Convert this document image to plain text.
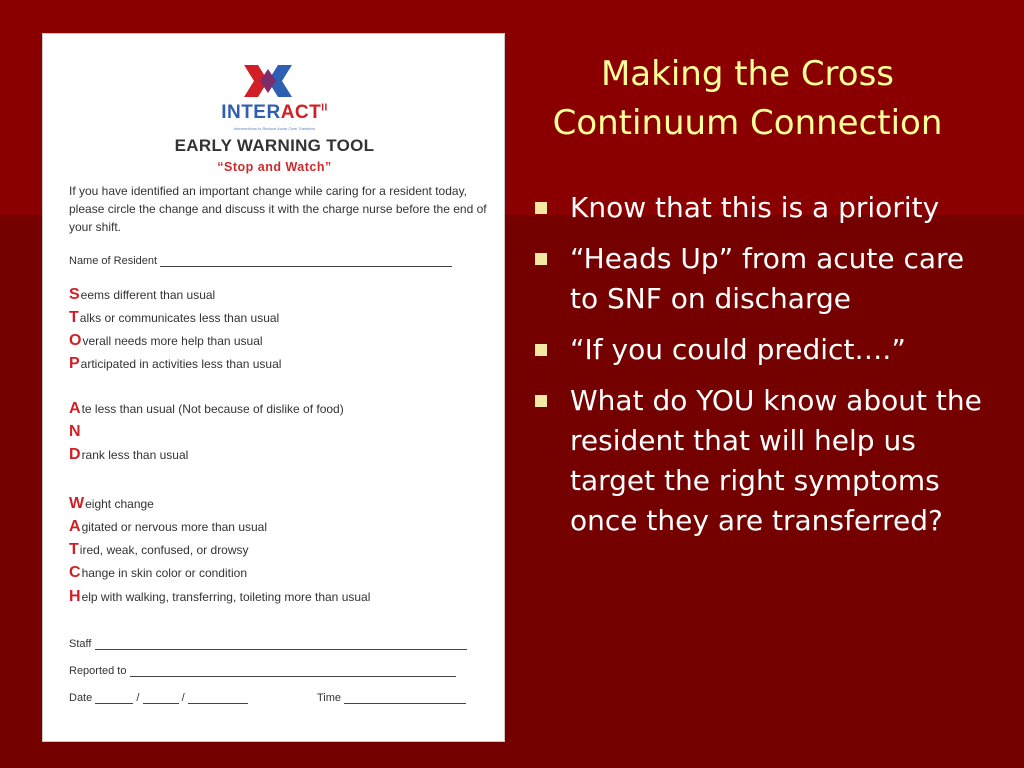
$INTERACT^{II}$
Interventions to Reduce Acute Care Transfers
EARLY WARNING TOOL
“Stop and Watch”
If you have identified an important change while caring for a resident today, please circle the change and discuss it with the charge nurse before the end of your shift.
Name of Resident
Seems different than usual
Talks or communicates less than usual
Overall needs more help than usual
Participated in activities less than usual
Ate less than usual (Not because of dislike of food)
N
Drank less than usual
Weight change
Agitated or nervous more than usual
Tired, weak, confused, or drowsy
Change in skin color or condition
Help with walking, transferring, toileting more than usual
Staff
Reported to
Date	/	/	Time
Making the Cross
Continuum Connection
Know that this is a priority
“Heads Up” from acute care to SNF on discharge
“If you could predict….”
What do YOU know about the resident that will help us target the right symptoms once they are transferred?
